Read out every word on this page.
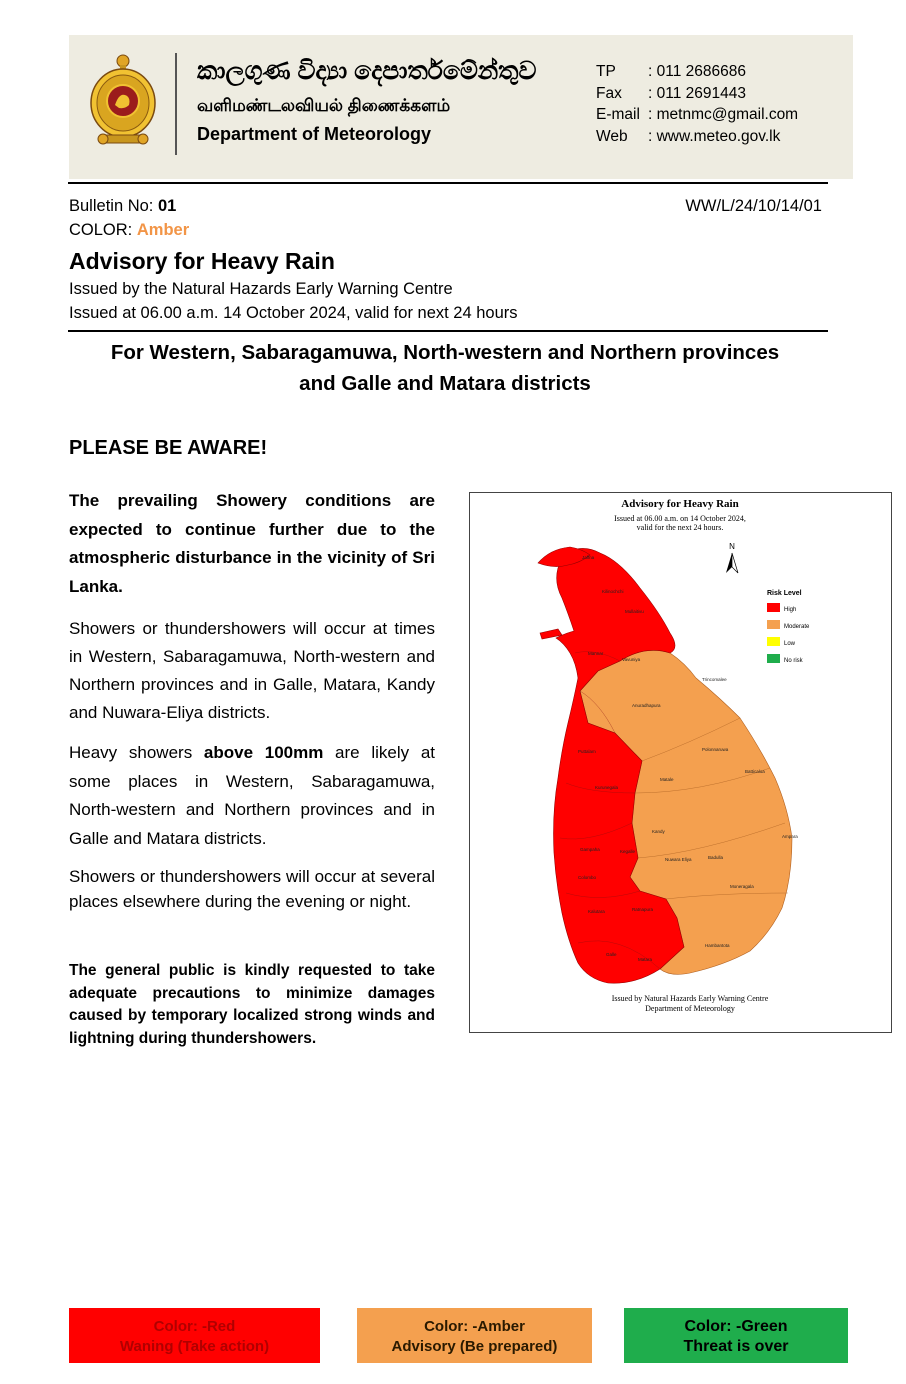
කාලගුණ විද්‍යා දෙපාර්තමේන්තුව
வளிமண்டலவியல் திணைக்களம்
Department of Meteorology
TP	: 011 2686686
Fax	: 011 2691443
E-mail : metnmc@gmail.com
Web	: www.meteo.gov.lk
Bulletin No: 01	WW/L/24/10/14/01
COLOR: Amber
Advisory for Heavy Rain
Issued by the Natural Hazards Early Warning Centre
Issued at 06.00 a.m. 14 October 2024, valid for next 24 hours
For Western, Sabaragamuwa, North-western and Northern provinces
and Galle and Matara districts
PLEASE BE AWARE!
The prevailing Showery conditions are expected to continue further due to the atmospheric disturbance in the vicinity of Sri Lanka.
Showers or thundershowers will occur at times in Western, Sabaragamuwa, North-western and Northern provinces and in Galle, Matara, Kandy and Nuwara-Eliya districts.
Heavy showers above 100mm are likely at some places in Western, Sabaragamuwa, North-western and Northern provinces and in Galle and Matara districts.
Showers or thundershowers will occur at several places elsewhere during the evening or night.
The general public is kindly requested to take adequate precautions to minimize damages caused by temporary localized strong winds and lightning during thundershowers.
Advisory for Heavy Rain
Issued at 06.00 a.m. on 14 October 2024,
valid for the next 24 hours.
Jaffna
Kilinochchi
Mullaitivu
Mannar
Vavuniya
Trincomalee
Anuradhapura
Polonnaruwa
Puttalam
Batticaloa
Kurunegala
Matale
Kandy
Ampara
Gampaha	Kegalle
Nuwara Eliya	Badulla
Colombo
Moneragala
Kalutara	Ratnapura
Hambantota
Galle
Matara
N
Risk Level
High
Moderate
Low
No risk
Issued by Natural Hazards Early Warning Centre
Department of Meteorology
Color: -Red
Waning (Take action)
Color: -Amber
Advisory (Be prepared)
Color: -Green
Threat is over
